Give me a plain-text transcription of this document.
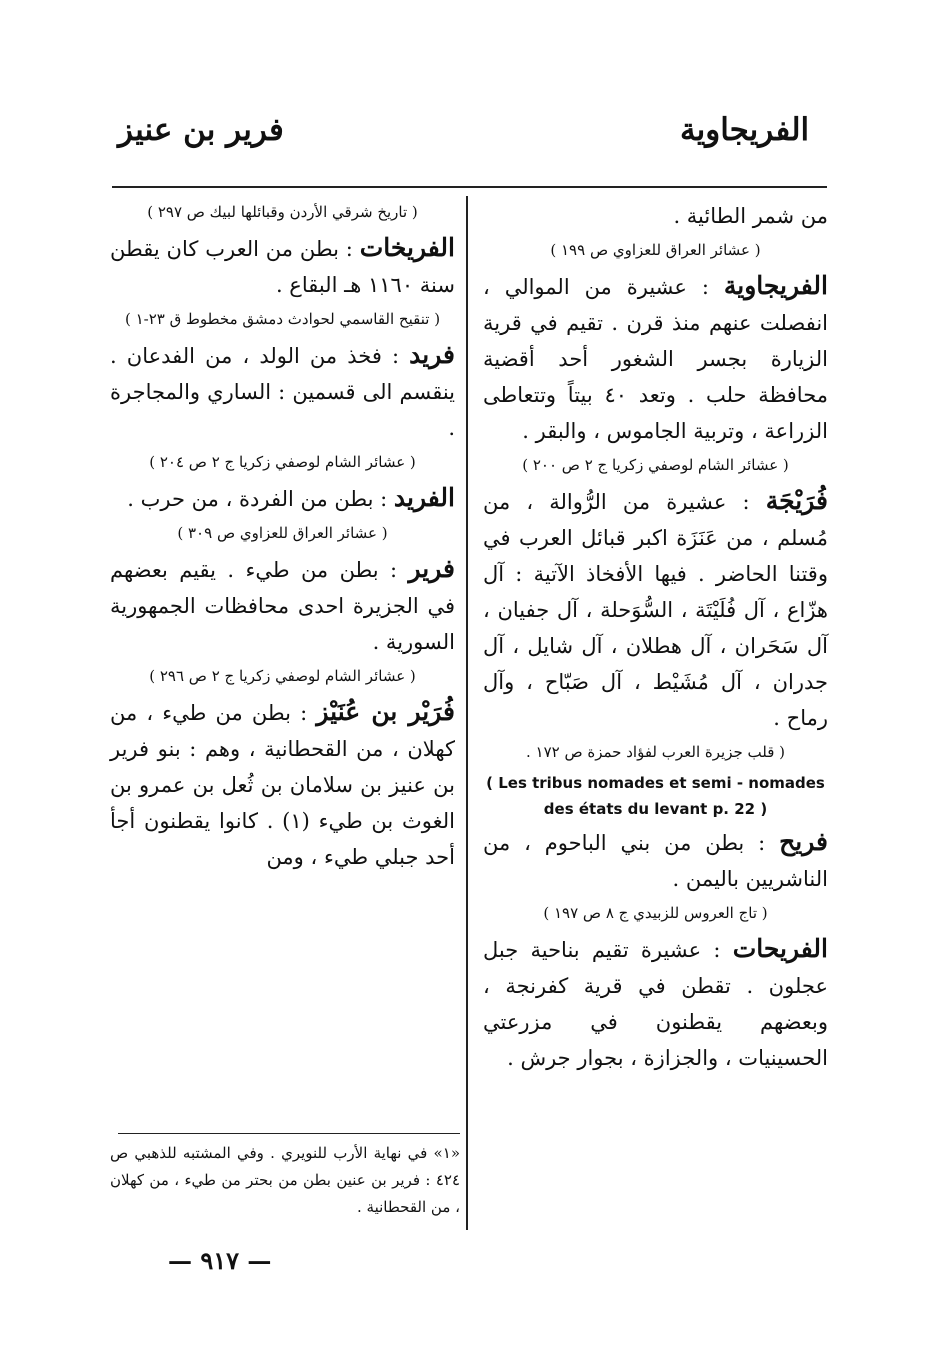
الفريجاوية
فرير بن عنيز

من شمر الطائية .

( عشائر العراق للعزاوي ص ١٩٩ )

الفريجاوية : عشيرة من الموالي ، انفصلت عنهم منذ قرن . تقيم في قرية الزيارة بجسر الشغور أحد أقضية محافظة حلب . وتعد ٤٠ بيتاً وتتعاطى الزراعة ، وتربية الجاموس ، والبقر .

( عشائر الشام لوصفي زكريا ج ٢ ص ٢٠٠ )

فُرَيْجَة : عشيرة من الرُّوالة ، من مُسلم ، من عَنَزَة اكبر قبائل العرب في وقتنا الحاضر . فيها الأفخاذ الآتية : آل هزّاع ، آل فُلَيْتَة ، السُّوَحلة ، آل جفيان ، آل سَحَران ، آل هطلان ، آل شايل ، آل جدران ، آل مُشَيْط ، آل صَبّاح ، وآل رماح .

( قلب جزيرة العرب لفؤاد حمزة ص ١٧٢ .

( Les tribus nomades et semi - nomades des états du levant p. 22 )

فريح : بطن من بني الباحوم ، من الناشريين باليمن .

( تاج العروس للزبيدي ج ٨ ص ١٩٧ )

الفريحات : عشيرة تقيم بناحية جبل عجلون . تقطن في قرية كفرنجة ، وبعضهم يقطنون في مزرعتي الحسينيات ، والجزازة ، بجوار جرش .

( تاريخ شرقي الأردن وقبائلها لبيك ص ٢٩٧ )

الفريخات : بطن من العرب كان يقطن سنة ١١٦٠ هـ البقاع .

( تنقيح القاسمي لحوادث دمشق مخطوط ق ٢٣-١ )

فريد : فخذ من الولد ، من الفدعان . ينقسم الى قسمين : الساري والمجاجرة .

( عشائر الشام لوصفي زكريا ج ٢ ص ٢٠٤ )

الفريد : بطن من الفردة ، من حرب .

( عشائر العراق للعزاوي ص ٣٠٩ )

فرير : بطن من طيء . يقيم بعضهم في الجزيرة احدى محافظات الجمهورية السورية .

( عشائر الشام لوصفي زكريا ج ٢ ص ٢٩٦ )

فُرَيْر بن عُنَيْز : بطن من طيء ، من كهلان ، من القحطانية ، وهم : بنو فرير بن عنيز بن سلامان بن ثُعل بن عمرو بن الغوث بن طيء (١) . كانوا يقطنون أجأ أحد جبلي طيء ، ومن

«١» في نهاية الأرب للنويري . وفي المشتبه للذهبي ص ٤٢٤ : فرير بن عنين بطن من بحتر من طيء ، من كهلان ، من القحطانية .

— ٩١٧ —
